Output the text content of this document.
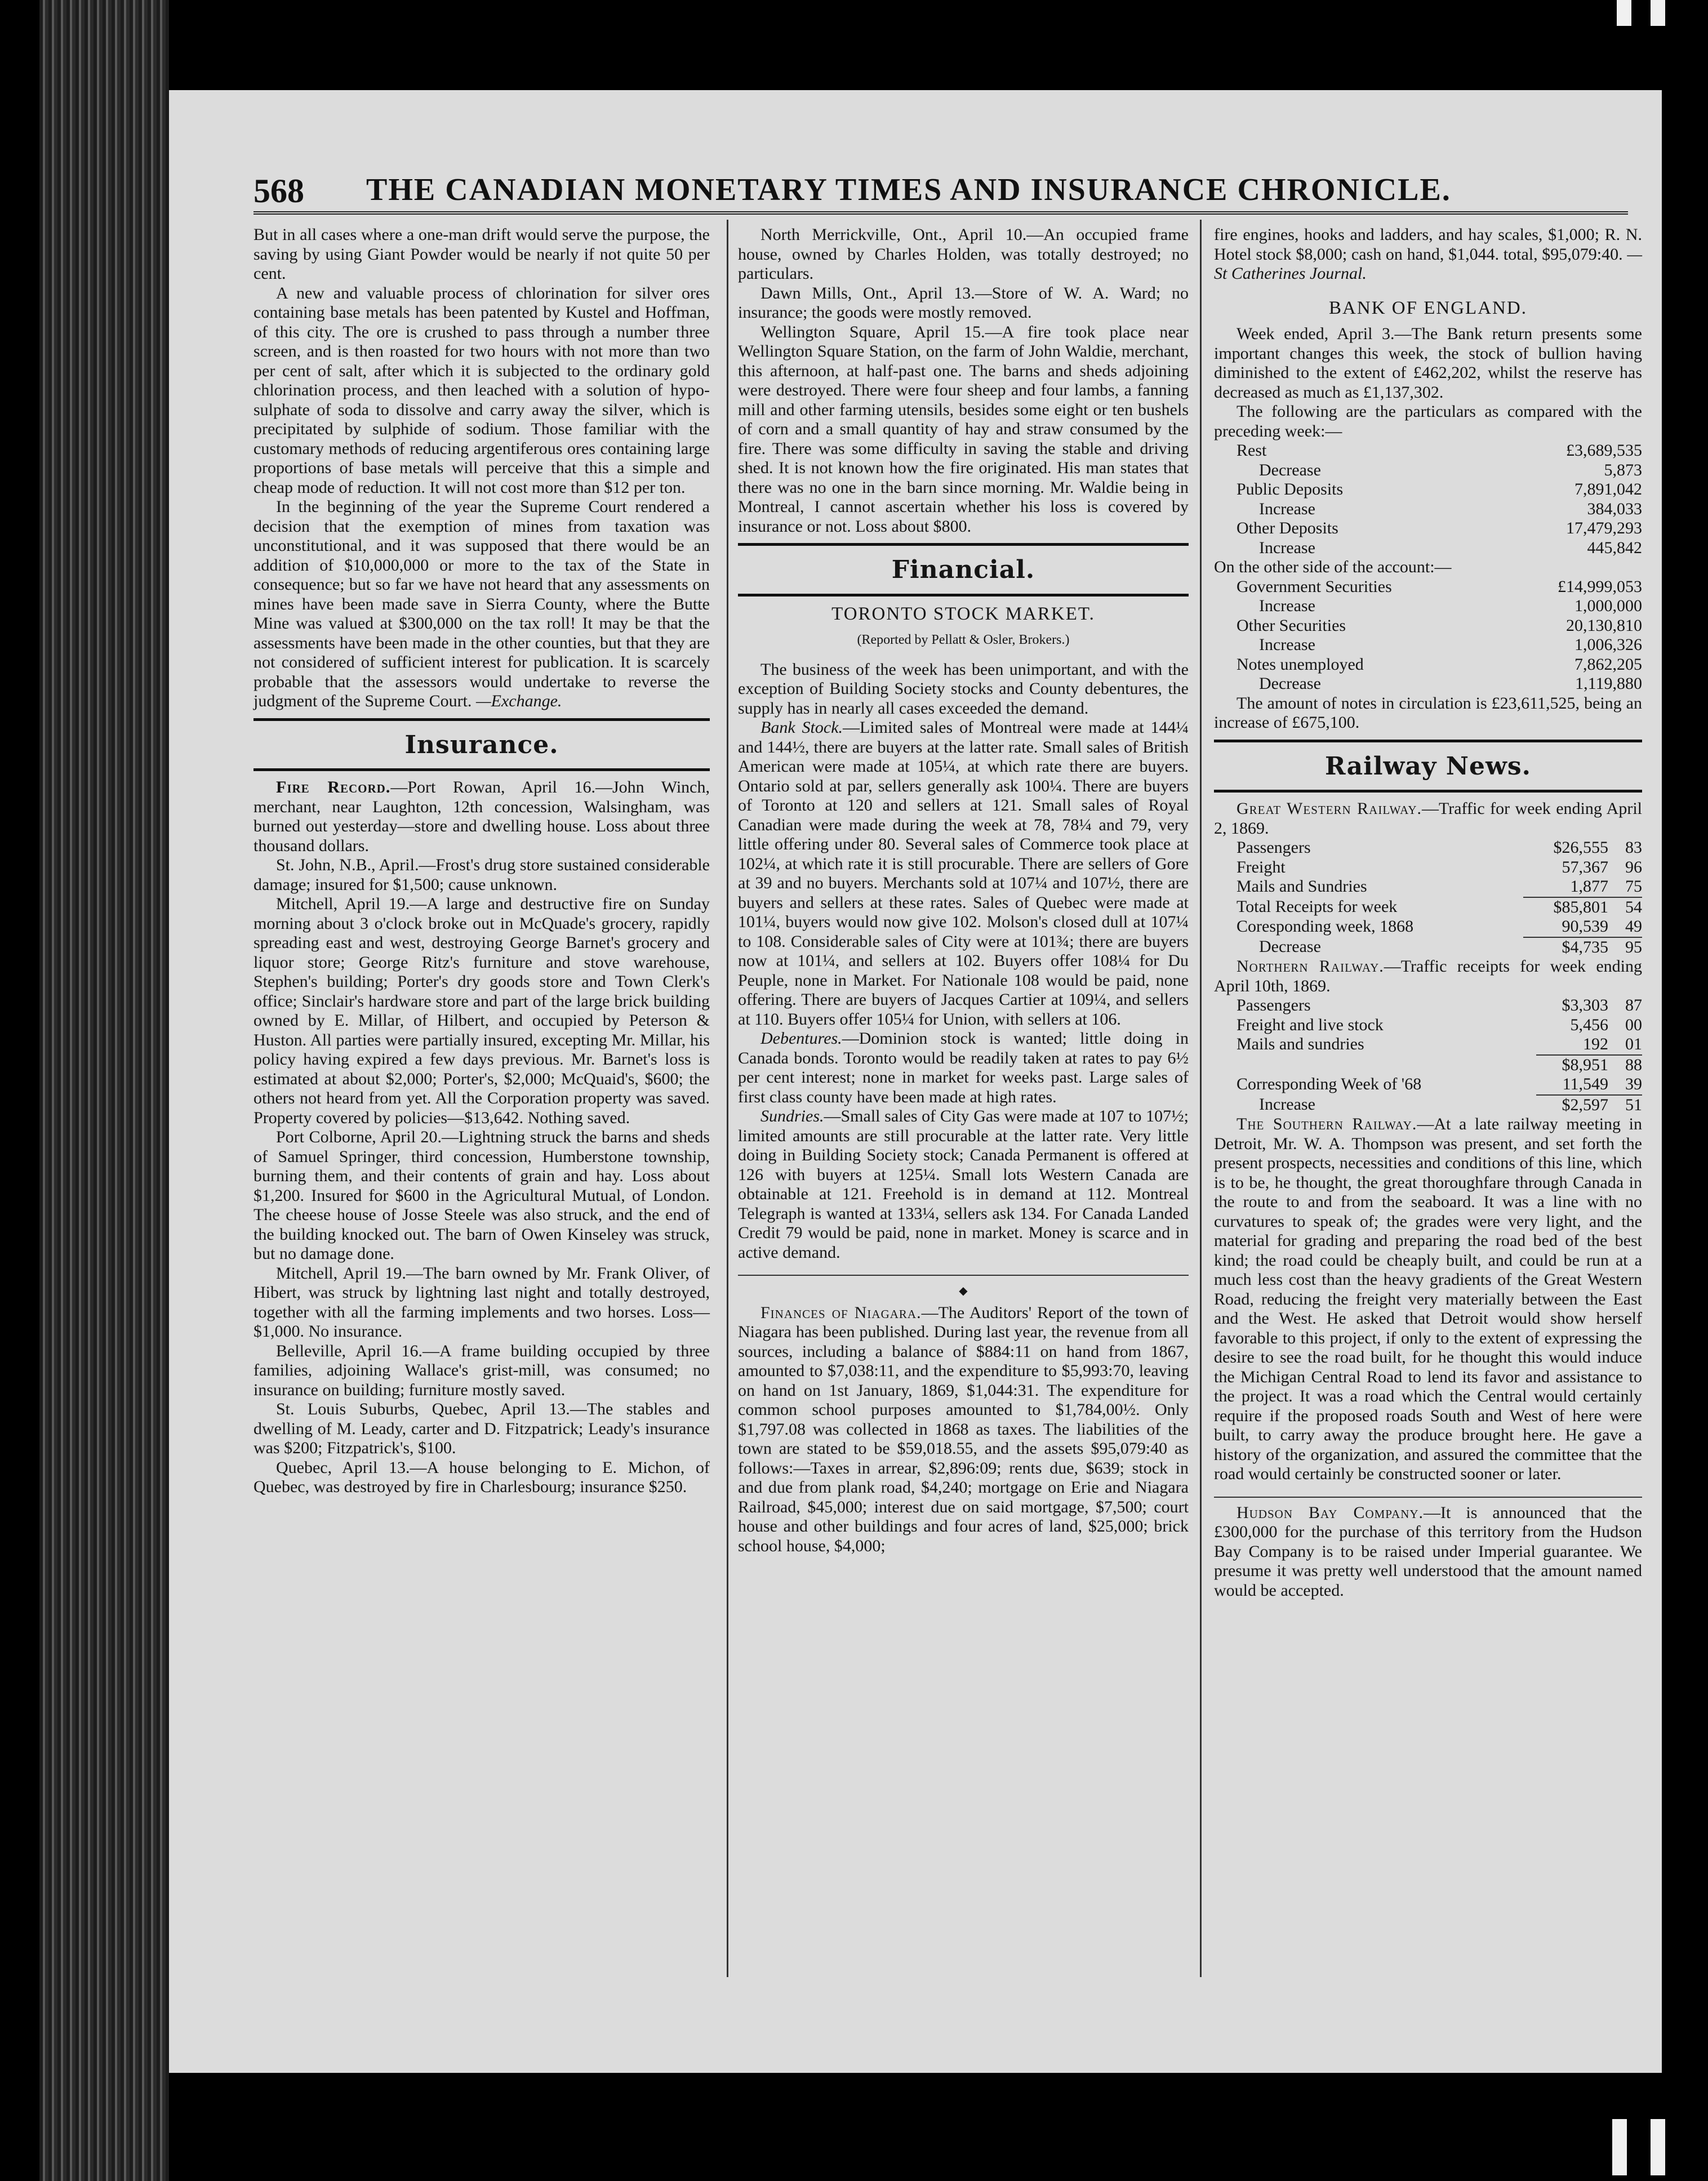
568 THE CANADIAN MONETARY TIMES AND INSURANCE CHRONICLE.

But in all cases where a one-man drift would serve the purpose, the saving by using Giant Powder would be nearly if not quite 50 per cent.

A new and valuable process of chlorination for silver ores containing base metals has been patented by Kustel and Hoffman, of this city. The ore is crushed to pass through a number three screen, and is then roasted for two hours with not more than two per cent of salt, after which it is subjected to the ordinary gold chlorination process, and then leached with a solution of hypo-sulphate of soda to dissolve and carry away the silver, which is precipitated by sulphide of sodium. Those familiar with the customary methods of reducing argentiferous ores containing large proportions of base metals will perceive that this a simple and cheap mode of reduction. It will not cost more than $12 per ton.

In the beginning of the year the Supreme Court rendered a decision that the exemption of mines from taxation was unconstitutional, and it was supposed that there would be an addition of $10,000,000 or more to the tax of the State in consequence; but so far we have not heard that any assessments on mines have been made save in Sierra County, where the Butte Mine was valued at $300,000 on the tax roll! It may be that the assessments have been made in the other counties, but that they are not considered of sufficient interest for publication. It is scarcely probable that the assessors would undertake to reverse the judgment of the Supreme Court. —Exchange.

Insurance.

Fire Record.—Port Rowan, April 16.—John Winch, merchant, near Laughton, 12th concession, Walsingham, was burned out yesterday—store and dwelling house. Loss about three thousand dollars.

St. John, N.B., April.—Frost's drug store sustained considerable damage; insured for $1,500; cause unknown.

Mitchell, April 19.—A large and destructive fire on Sunday morning about 3 o'clock broke out in McQuade's grocery, rapidly spreading east and west, destroying George Barnet's grocery and liquor store; George Ritz's furniture and stove warehouse, Stephen's building; Porter's dry goods store and Town Clerk's office; Sinclair's hardware store and part of the large brick building owned by E. Millar, of Hilbert, and occupied by Peterson & Huston. All parties were partially insured, excepting Mr. Millar, his policy having expired a few days previous. Mr. Barnet's loss is estimated at about $2,000; Porter's, $2,000; McQuaid's, $600; the others not heard from yet. All the Corporation property was saved. Property covered by policies—$13,642. Nothing saved.

Port Colborne, April 20.—Lightning struck the barns and sheds of Samuel Springer, third concession, Humberstone township, burning them, and their contents of grain and hay. Loss about $1,200. Insured for $600 in the Agricultural Mutual, of London. The cheese house of Josse Steele was also struck, and the end of the building knocked out. The barn of Owen Kinseley was struck, but no damage done.

Mitchell, April 19.—The barn owned by Mr. Frank Oliver, of Hibert, was struck by lightning last night and totally destroyed, together with all the farming implements and two horses. Loss—$1,000. No insurance.

Belleville, April 16.—A frame building occupied by three families, adjoining Wallace's grist-mill, was consumed; no insurance on building; furniture mostly saved.

St. Louis Suburbs, Quebec, April 13.—The stables and dwelling of M. Leady, carter and D. Fitzpatrick; Leady's insurance was $200; Fitzpatrick's, $100.

Quebec, April 13.—A house belonging to E. Michon, of Quebec, was destroyed by fire in Charlesbourg; insurance $250.

North Merrickville, Ont., April 10.—An occupied frame house, owned by Charles Holden, was totally destroyed; no particulars.

Dawn Mills, Ont., April 13.—Store of W. A. Ward; no insurance; the goods were mostly removed.

Wellington Square, April 15.—A fire took place near Wellington Square Station, on the farm of John Waldie, merchant, this afternoon, at half-past one. The barns and sheds adjoining were destroyed. There were four sheep and four lambs, a fanning mill and other farming utensils, besides some eight or ten bushels of corn and a small quantity of hay and straw consumed by the fire. There was some difficulty in saving the stable and driving shed. It is not known how the fire originated. His man states that there was no one in the barn since morning. Mr. Waldie being in Montreal, I cannot ascertain whether his loss is covered by insurance or not. Loss about $800.

Financial.
TORONTO STOCK MARKET.
(Reported by Pellatt & Osler, Brokers.)

The business of the week has been unimportant, and with the exception of Building Society stocks and County debentures, the supply has in nearly all cases exceeded the demand.

Bank Stock.—Limited sales of Montreal were made at 144¼ and 144½, there are buyers at the latter rate. Small sales of British American were made at 105¼, at which rate there are buyers. Ontario sold at par, sellers generally ask 100¼. There are buyers of Toronto at 120 and sellers at 121. Small sales of Royal Canadian were made during the week at 78, 78¼ and 79, very little offering under 80. Several sales of Commerce took place at 102¼, at which rate it is still procurable. There are sellers of Gore at 39 and no buyers. Merchants sold at 107¼ and 107½, there are buyers and sellers at these rates. Sales of Quebec were made at 101¼, buyers would now give 102. Molson's closed dull at 107¼ to 108. Considerable sales of City were at 101¾; there are buyers now at 101¼, and sellers at 102. Buyers offer 108¼ for Du Peuple, none in Market. For Nationale 108 would be paid, none offering. There are buyers of Jacques Cartier at 109¼, and sellers at 110. Buyers offer 105¼ for Union, with sellers at 106.

Debentures.—Dominion stock is wanted; little doing in Canada bonds. Toronto would be readily taken at rates to pay 6½ per cent interest; none in market for weeks past. Large sales of first class county have been made at high rates.

Sundries.—Small sales of City Gas were made at 107 to 107½; limited amounts are still procurable at the latter rate. Very little doing in Building Society stock; Canada Permanent is offered at 126 with buyers at 125¼. Small lots Western Canada are obtainable at 121. Freehold is in demand at 112. Montreal Telegraph is wanted at 133¼, sellers ask 134. For Canada Landed Credit 79 would be paid, none in market. Money is scarce and in active demand.

◆

Finances of Niagara.—The Auditors' Report of the town of Niagara has been published. During last year, the revenue from all sources, including a balance of $884:11 on hand from 1867, amounted to $7,038:11, and the expenditure to $5,993:70, leaving on hand on 1st January, 1869, $1,044:31. The expenditure for common school purposes amounted to $1,784,00½. Only $1,797.08 was collected in 1868 as taxes. The liabilities of the town are stated to be $59,018.55, and the assets $95,079:40 as follows:—Taxes in arrear, $2,896:09; rents due, $639; stock in and due from plank road, $4,240; mortgage on Erie and Niagara Railroad, $45,000; interest due on said mortgage, $7,500; court house and other buildings and four acres of land, $25,000; brick school house, $4,000;

fire engines, hooks and ladders, and hay scales, $1,000; R. N. Hotel stock $8,000; cash on hand, $1,044. total, $95,079:40. —St Catherines Journal.

BANK OF ENGLAND.

Week ended, April 3.—The Bank return presents some important changes this week, the stock of bullion having diminished to the extent of £462,202, whilst the reserve has decreased as much as £1,137,302.

The following are the particulars as compared with the preceding week:—

Rest	£3,689,535
Decrease	5,873
Public Deposits	7,891,042
Increase	384,033
Other Deposits	17,479,293
Increase	445,842

On the other side of the account:—

Government Securities	£14,999,053
Increase	1,000,000
Other Securities	20,130,810
Increase	1,006,326
Notes unemployed	7,862,205
Decrease	1,119,880

The amount of notes in circulation is £23,611,525, being an increase of £675,100.

Railway News.

Great Western Railway.—Traffic for week ending April 2, 1869.

Passengers	$26,555	83
Freight	57,367	96
Mails and Sundries	1,877	75
Total Receipts for week	$85,801	54
Coresponding week, 1868	90,539	49
Decrease	$4,735	95

Northern Railway.—Traffic receipts for week ending April 10th, 1869.

Passengers	$3,303	87
Freight and live stock	5,456	00
Mails and sundries	192	01
	$8,951	88
Corresponding Week of '68	11,549	39
Increase	$2,597	51

The Southern Railway.—At a late railway meeting in Detroit, Mr. W. A. Thompson was present, and set forth the present prospects, necessities and conditions of this line, which is to be, he thought, the great thoroughfare through Canada in the route to and from the seaboard. It was a line with no curvatures to speak of; the grades were very light, and the material for grading and preparing the road bed of the best kind; the road could be cheaply built, and could be run at a much less cost than the heavy gradients of the Great Western Road, reducing the freight very materially between the East and the West. He asked that Detroit would show herself favorable to this project, if only to the extent of expressing the desire to see the road built, for he thought this would induce the Michigan Central Road to lend its favor and assistance to the project. It was a road which the Central would certainly require if the proposed roads South and West of here were built, to carry away the produce brought here. He gave a history of the organization, and assured the committee that the road would certainly be constructed sooner or later.

Hudson Bay Company.—It is announced that the £300,000 for the purchase of this territory from the Hudson Bay Company is to be raised under Imperial guarantee. We presume it was pretty well understood that the amount named would be accepted.
